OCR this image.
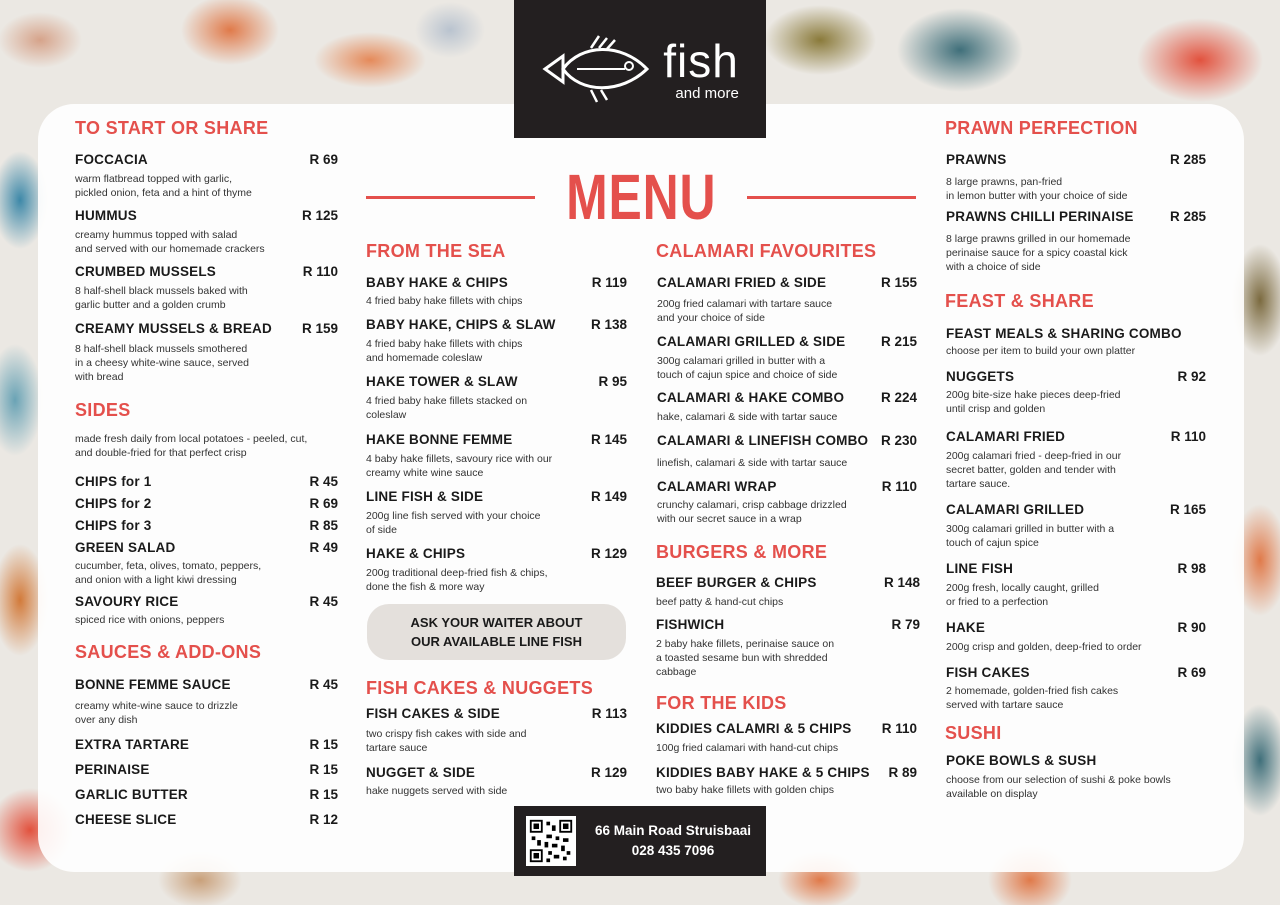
fish
and more
MENU
TO START OR SHARE
FOCCACIA	R 69
warm flatbread topped with garlic,
pickled onion, feta and a hint of thyme
HUMMUS	R 125
creamy hummus topped with salad
and served with our homemade crackers
CRUMBED MUSSELS	R 110
8 half-shell black mussels baked with
garlic butter and a golden crumb
CREAMY MUSSELS & BREAD R 159
8 half-shell black mussels smothered
in a cheesy white-wine sauce, served
with bread
SIDES
made fresh daily from local potatoes - peeled, cut,
and double-fried for that perfect crisp
CHIPS for 1	R 45
CHIPS for 2	R 69
CHIPS for 3	R 85
GREEN SALAD	R 49
cucumber, feta, olives, tomato, peppers,
and onion with a light kiwi dressing
SAVOURY RICE	R 45
spiced rice with onions, peppers
SAUCES & ADD-ONS
BONNE FEMME SAUCE	R 45
creamy white-wine sauce to drizzle
over any dish
EXTRA TARTARE	R 15
PERINAISE	R 15
GARLIC BUTTER	R 15
CHEESE SLICE	R 12
FROM THE SEA
BABY HAKE & CHIPS	R 119
4 fried baby hake fillets with chips
BABY HAKE, CHIPS & SLAW	R 138
4 fried baby hake fillets with chips
and homemade coleslaw
HAKE TOWER & SLAW	R 95
4 fried baby hake fillets stacked on
coleslaw
HAKE BONNE FEMME	R 145
4 baby hake fillets, savoury rice with our
creamy white wine sauce
LINE FISH & SIDE	R 149
200g line fish served with your choice
of side
HAKE & CHIPS	R 129
200g traditional deep-fried fish & chips,
done the fish & more way
ASK YOUR WAITER ABOUT
OUR AVAILABLE LINE FISH
FISH CAKES & NUGGETS
FISH CAKES & SIDE	R 113
two crispy fish cakes with side and
tartare sauce
NUGGET & SIDE	R 129
hake nuggets served with side
CALAMARI FAVOURITES
CALAMARI FRIED & SIDE	R 155
200g fried calamari with tartare sauce
and your choice of side
CALAMARI GRILLED & SIDE	R 215
300g calamari grilled in butter with a
touch of cajun spice and choice of side
CALAMARI & HAKE COMBO	R 224
hake, calamari & side with tartar sauce
CALAMARI & LINEFISH COMBO R 230
linefish, calamari & side with tartar sauce
CALAMARI WRAP	R 110
crunchy calamari, crisp cabbage drizzled
with our secret sauce in a wrap
BURGERS & MORE
BEEF BURGER & CHIPS	R 148
beef patty & hand-cut chips
FISHWICH	R 79
2 baby hake fillets, perinaise sauce on
a toasted sesame bun with shredded
cabbage
FOR THE KIDS
KIDDIES CALAMRI & 5 CHIPS R 110
100g fried calamari with hand-cut chips
KIDDIES BABY HAKE & 5 CHIPS R 89
two baby hake fillets with golden chips
PRAWN PERFECTION
PRAWNS	R 285
8 large prawns, pan-fried
in lemon butter with your choice of side
PRAWNS CHILLI PERINAISE	R 285
8 large prawns grilled in our homemade
perinaise sauce for a spicy coastal kick
with a choice of side
FEAST & SHARE
FEAST MEALS & SHARING COMBO
choose per item to build your own platter
NUGGETS	R 92
200g bite-size hake pieces deep-fried
until crisp and golden
CALAMARI FRIED	R 110
200g calamari fried - deep-fried in our
secret batter, golden and tender with
tartare sauce.
CALAMARI GRILLED	R 165
300g calamari grilled in butter with a
touch of cajun spice
LINE FISH	R 98
200g fresh, locally caught, grilled
or fried to a perfection
HAKE	R 90
200g crisp and golden, deep-fried to order
FISH CAKES	R 69
2 homemade, golden-fried fish cakes
served with tartare sauce
SUSHI
POKE BOWLS & SUSH
choose from our selection of sushi & poke bowls
available on display
66 Main Road Struisbaai
028 435 7096
